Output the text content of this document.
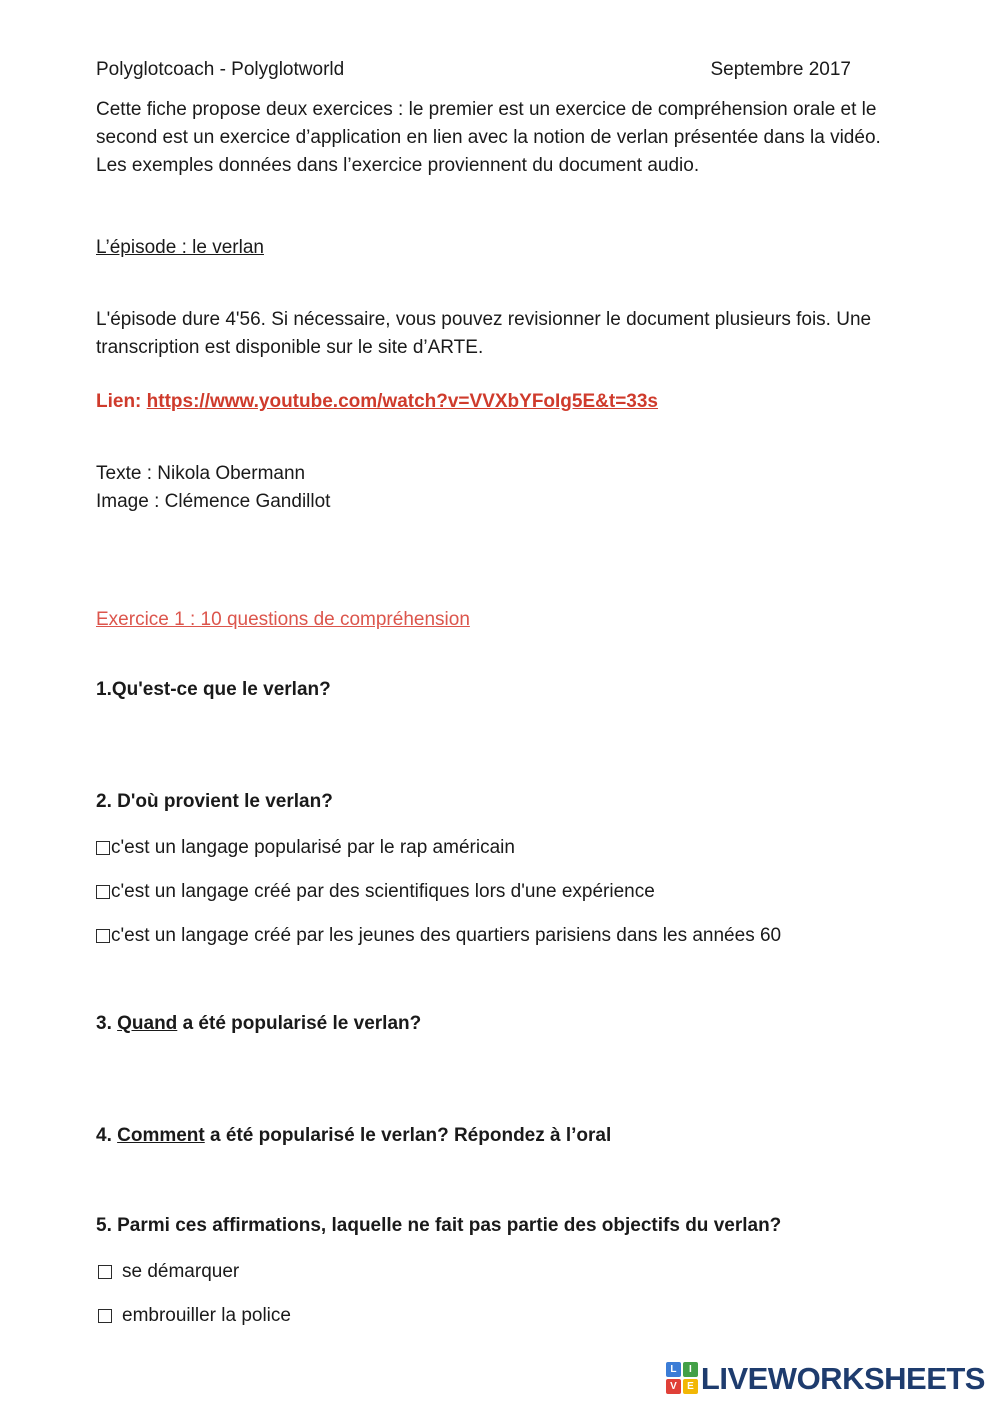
Polyglotcoach - Polyglotworld	Septembre 2017

Cette fiche propose deux exercices : le premier est un exercice de compréhension orale et le second est un exercice d’application en lien avec la notion de verlan présentée dans la vidéo. Les exemples données dans l’exercice proviennent du document audio.

L’épisode : le verlan

L'épisode dure 4'56. Si nécessaire, vous pouvez revisionner le document plusieurs fois. Une transcription est disponible sur le site d’ARTE.

Lien: https://www.youtube.com/watch?v=VVXbYFoIg5E&t=33s
Texte : Nikola Obermann
Image : Clémence Gandillot
Exercice 1 : 10 questions de compréhension
1.Qu'est-ce que le verlan?
2. D'où provient le verlan?
c'est un langage popularisé par le rap américain
c'est un langage créé par des scientifiques lors d'une expérience
c'est un langage créé par les jeunes des quartiers parisiens dans les années 60
3. Quand a été popularisé le verlan?
4. Comment a été popularisé le verlan? Répondez à l’oral
5. Parmi ces affirmations, laquelle ne fait pas partie des objectifs du verlan?
se démarquer
embrouiller la police
L	I
V	E LIVEWORKSHEETS
